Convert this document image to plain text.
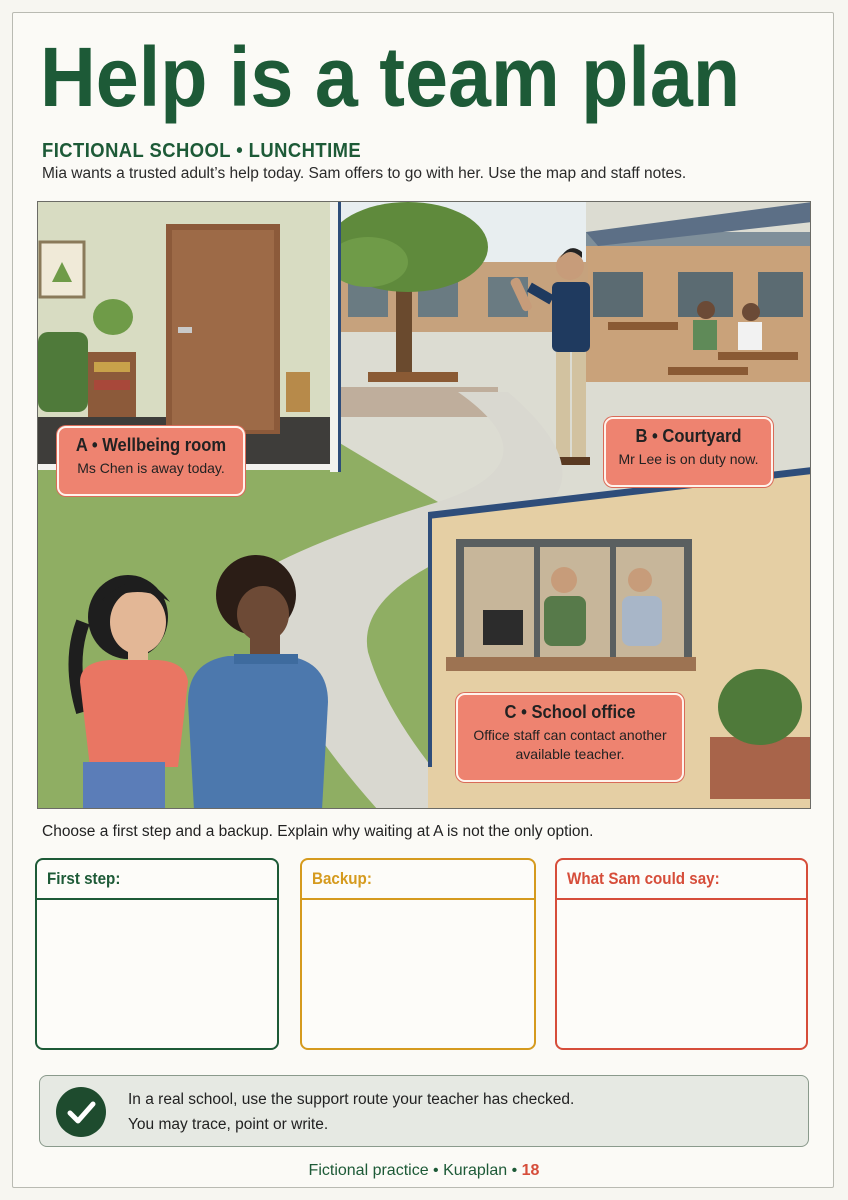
Help is a team plan
FICTIONAL SCHOOL • LUNCHTIME
Mia wants a trusted adult’s help today. Sam offers to go with her. Use the map and staff notes.
A • Wellbeing room
Ms Chen is away today.
B • Courtyard
Mr Lee is on duty now.
C • School office
Office staff can contact another available teacher.
Choose a first step and a backup. Explain why waiting at A is not the only option.
First step:	Backup:	What Sam could say:
In a real school, use the support route your teacher has checked.
You may trace, point or write.
Fictional practice • Kuraplan • 18
